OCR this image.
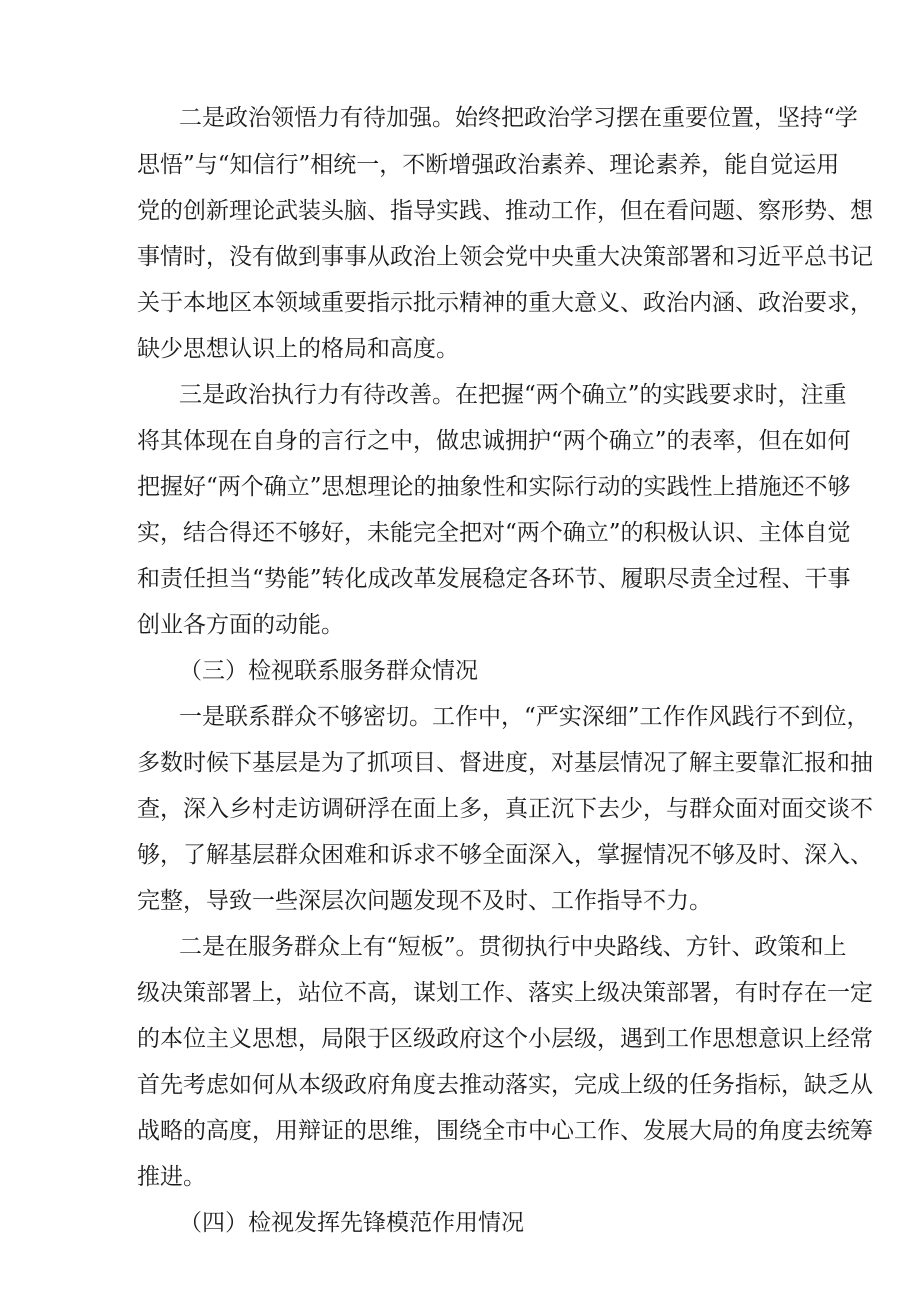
二是政治领悟力有待加强。始终把政治学习摆在重要位置，坚持“学
思悟”与“知信行”相统一，不断增强政治素养、理论素养，能自觉运用
党的创新理论武装头脑、指导实践、推动工作，但在看问题、察形势、想
事情时，没有做到事事从政治上领会党中央重大决策部署和习近平总书记
关于本地区本领域重要指示批示精神的重大意义、政治内涵、政治要求，
缺少思想认识上的格局和高度。
三是政治执行力有待改善。在把握“两个确立”的实践要求时，注重
将其体现在自身的言行之中，做忠诚拥护“两个确立”的表率，但在如何
把握好“两个确立”思想理论的抽象性和实际行动的实践性上措施还不够
实，结合得还不够好，未能完全把对“两个确立”的积极认识、主体自觉
和责任担当“势能”转化成改革发展稳定各环节、履职尽责全过程、干事
创业各方面的动能。
（三）检视联系服务群众情况
一是联系群众不够密切。工作中，“严实深细”工作作风践行不到位，
多数时候下基层是为了抓项目、督进度，对基层情况了解主要靠汇报和抽
查，深入乡村走访调研浮在面上多，真正沉下去少，与群众面对面交谈不
够，了解基层群众困难和诉求不够全面深入，掌握情况不够及时、深入、
完整，导致一些深层次问题发现不及时、工作指导不力。
二是在服务群众上有“短板”。贯彻执行中央路线、方针、政策和上
级决策部署上，站位不高，谋划工作、落实上级决策部署，有时存在一定
的本位主义思想，局限于区级政府这个小层级，遇到工作思想意识上经常
首先考虑如何从本级政府角度去推动落实，完成上级的任务指标，缺乏从
战略的高度，用辩证的思维，围绕全市中心工作、发展大局的角度去统筹
推进。
（四）检视发挥先锋模范作用情况
